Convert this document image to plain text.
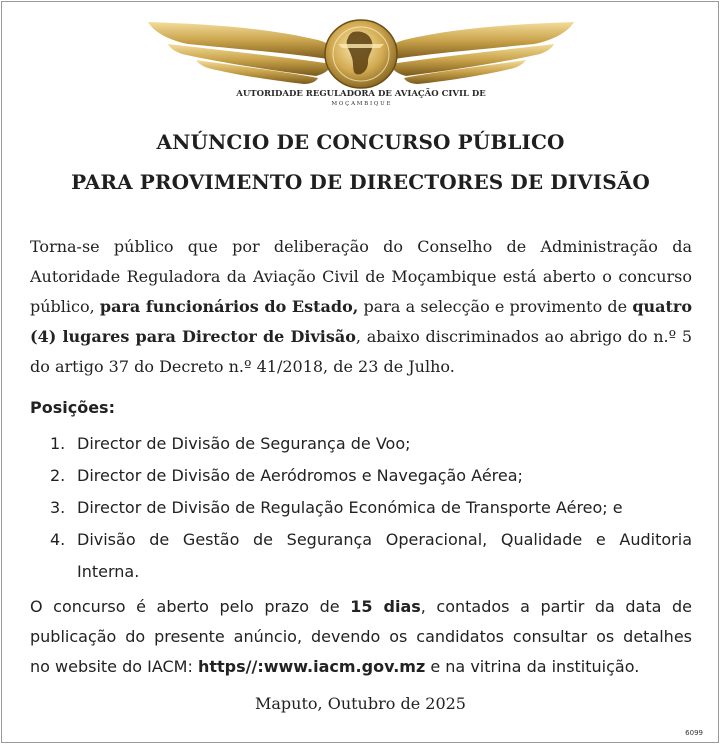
AUTORIDADE REGULADORA DE AVIAÇÃO CIVIL DE
M O Ç A M B I Q U E
ANÚNCIO DE CONCURSO PÚBLICO
PARA PROVIMENTO DE DIRECTORES DE DIVISÃO
Torna-se público que por deliberação do Conselho de Administração da
Autoridade Reguladora da Aviação Civil de Moçambique está aberto o concurso
público, para funcionários do Estado, para a selecção e provimento de quatro
(4) lugares para Director de Divisão, abaixo discriminados ao abrigo do n.º 5
do artigo 37 do Decreto n.º 41/2018, de 23 de Julho.
Posições:
1. Director de Divisão de Segurança de Voo;
2. Director de Divisão de Aeródromos e Navegação Aérea;
3. Director de Divisão de Regulação Económica de Transporte Aéreo; e
4. Divisão de Gestão de Segurança Operacional, Qualidade e Auditoria
Interna.
O concurso é aberto pelo prazo de 15 dias, contados a partir da data de
publicação do presente anúncio, devendo os candidatos consultar os detalhes
no website do IACM: https//:www.iacm.gov.mz e na vitrina da instituição.
Maputo, Outubro de 2025
6099
